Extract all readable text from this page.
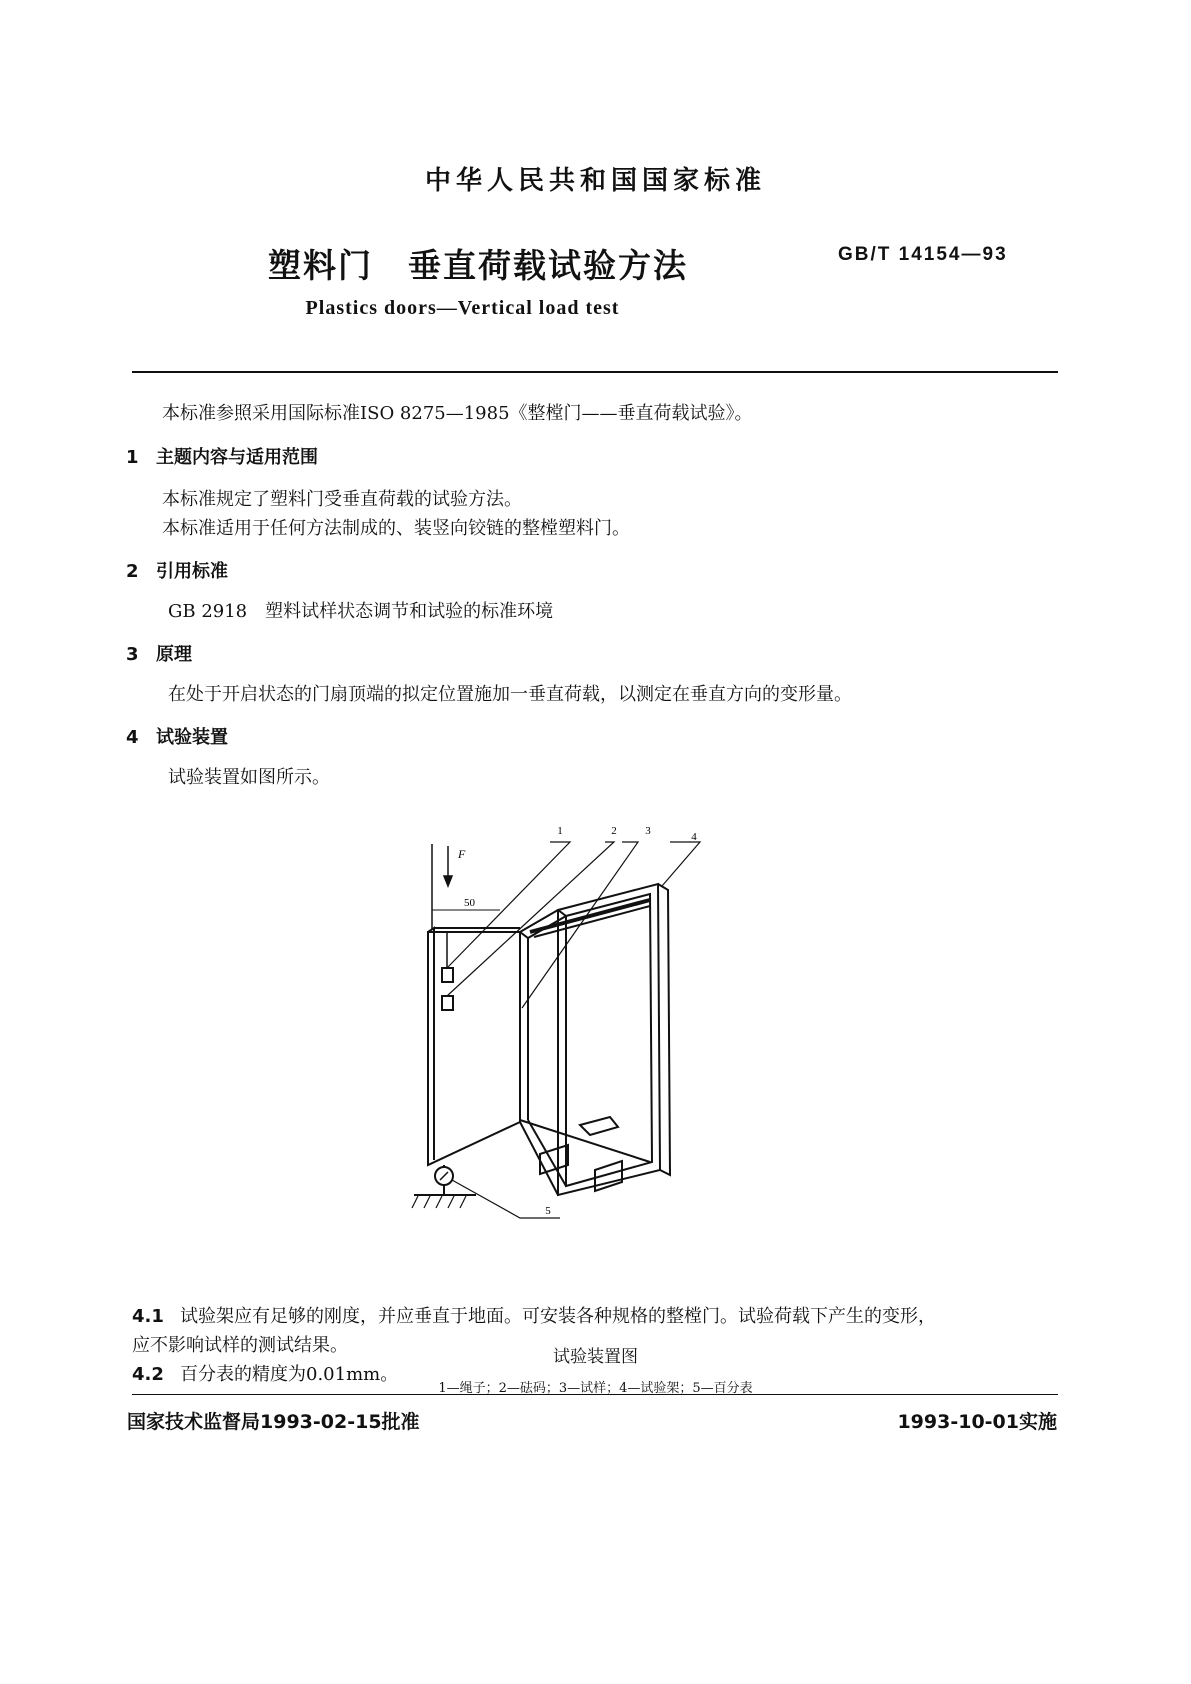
中华人民共和国国家标准
塑料门　垂直荷载试验方法	GB/T 14154—93
Plastics doors—Vertical load test
本标准参照采用国际标准ISO 8275—1985《整樘门——垂直荷载试验》。
1 主题内容与适用范围
本标准规定了塑料门受垂直荷载的试验方法。
本标准适用于任何方法制成的、装竖向铰链的整樘塑料门。
2 引用标准
GB 2918　塑料试样状态调节和试验的标准环境
3 原理
在处于开启状态的门扇顶端的拟定位置施加一垂直荷载，以测定在垂直方向的变形量。
4 试验装置
试验装置如图所示。
1	2	3	4
5
F
50
试验装置图
1—绳子；2—砝码；3—试样；4—试验架；5—百分表
4.1 试验架应有足够的刚度，并应垂直于地面。可安装各种规格的整樘门。试验荷载下产生的变形，
应不影响试样的测试结果。
4.2 百分表的精度为0.01mm。
国家技术监督局1993-02-15批准	1993-10-01实施
